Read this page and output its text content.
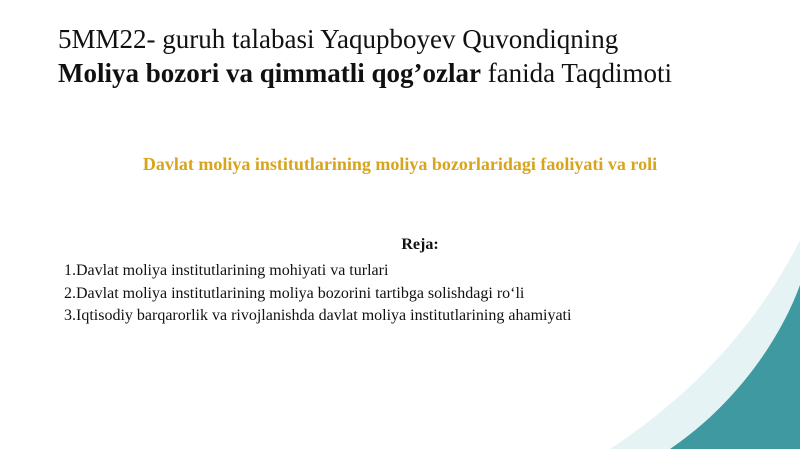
5MM22- guruh talabasi Yaqupboyev Quvondiqning
Moliya bozori va qimmatli qog’ozlar fanida Taqdimoti
Davlat moliya institutlarining moliya bozorlaridagi faoliyati va roli
Reja:
1.Davlat moliya institutlarining mohiyati va turlari
2.Davlat moliya institutlarining moliya bozorini tartibga solishdagi ro‘li
3.Iqtisodiy barqarorlik va rivojlanishda davlat moliya institutlarining ahamiyati
